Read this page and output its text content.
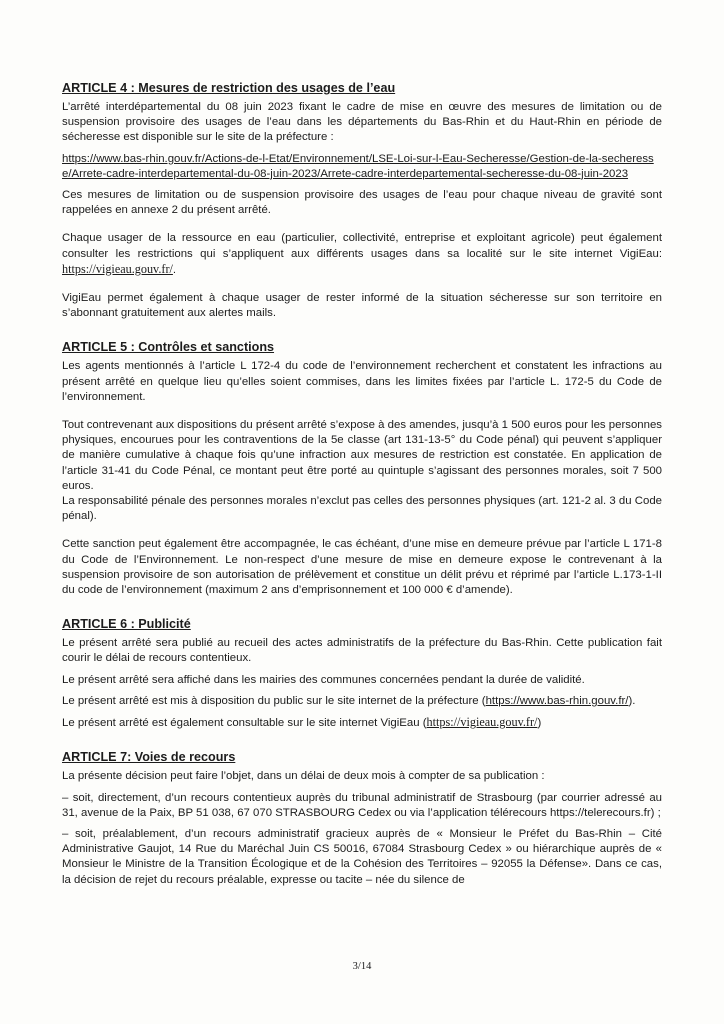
ARTICLE 4 : Mesures de restriction des usages de l’eau

L’arrêté interdépartemental du 08 juin 2023 fixant le cadre de mise en œuvre des mesures de limitation ou de suspension provisoire des usages de l’eau dans les départements du Bas-Rhin et du Haut-Rhin en période de sécheresse est disponible sur le site de la préfecture :

https://www.bas-rhin.gouv.fr/Actions-de-l-Etat/Environnement/LSE-Loi-sur-l-Eau-Secheresse/Gestion-de-la-secheresse/Arrete-cadre-interdepartemental-du-08-juin-2023/Arrete-cadre-interdepartemental-secheresse-du-08-juin-2023

Ces mesures de limitation ou de suspension provisoire des usages de l’eau pour chaque niveau de gravité sont rappelées en annexe 2 du présent arrêté.

Chaque usager de la ressource en eau (particulier, collectivité, entreprise et exploitant agricole) peut également consulter les restrictions qui s’appliquent aux différents usages dans sa localité sur le site internet VigiEau: https://vigieau.gouv.fr/.

VigiEau permet également à chaque usager de rester informé de la situation sécheresse sur son territoire en s’abonnant gratuitement aux alertes mails.

ARTICLE 5 : Contrôles et sanctions

Les agents mentionnés à l’article L 172-4 du code de l’environnement recherchent et constatent les infractions au présent arrêté en quelque lieu qu’elles soient commises, dans les limites fixées par l’article L. 172-5 du Code de l’environnement.

Tout contrevenant aux dispositions du présent arrêté s’expose à des amendes, jusqu’à 1 500 euros pour les personnes physiques, encourues pour les contraventions de la 5e classe (art 131-13-5° du Code pénal) qui peuvent s’appliquer de manière cumulative à chaque fois qu’une infraction aux mesures de restriction est constatée. En application de l’article 31-41 du Code Pénal, ce montant peut être porté au quintuple s’agissant des personnes morales, soit 7 500 euros.

La responsabilité pénale des personnes morales n’exclut pas celles des personnes physiques (art. 121-2 al. 3 du Code pénal).

Cette sanction peut également être accompagnée, le cas échéant, d’une mise en demeure prévue par l’article L 171-8 du Code de l’Environnement. Le non-respect d’une mesure de mise en demeure expose le contrevenant à la suspension provisoire de son autorisation de prélèvement et constitue un délit prévu et réprimé par l’article L.173-1-II du code de l’environnement (maximum 2 ans d’emprisonnement et 100 000 € d’amende).

ARTICLE 6 : Publicité

Le présent arrêté sera publié au recueil des actes administratifs de la préfecture du Bas-Rhin. Cette publication fait courir le délai de recours contentieux.

Le présent arrêté sera affiché dans les mairies des communes concernées pendant la durée de validité.

Le présent arrêté est mis à disposition du public sur le site internet de la préfecture (https://www.bas-rhin.gouv.fr/).

Le présent arrêté est également consultable sur le site internet VigiEau (https://vigieau.gouv.fr/)

ARTICLE 7: Voies de recours

La présente décision peut faire l’objet, dans un délai de deux mois à compter de sa publication :

– soit, directement, d’un recours contentieux auprès du tribunal administratif de Strasbourg (par courrier adressé au 31, avenue de la Paix, BP 51 038, 67 070 STRASBOURG Cedex ou via l’application télérecours https://telerecours.fr) ;

– soit, préalablement, d’un recours administratif gracieux auprès de « Monsieur le Préfet du Bas-Rhin – Cité Administrative Gaujot, 14 Rue du Maréchal Juin CS 50016, 67084 Strasbourg Cedex » ou hiérarchique auprès de « Monsieur le Ministre de la Transition Écologique et de la Cohésion des Territoires – 92055 la Défense». Dans ce cas, la décision de rejet du recours préalable, expresse ou tacite – née du silence de

3/14
